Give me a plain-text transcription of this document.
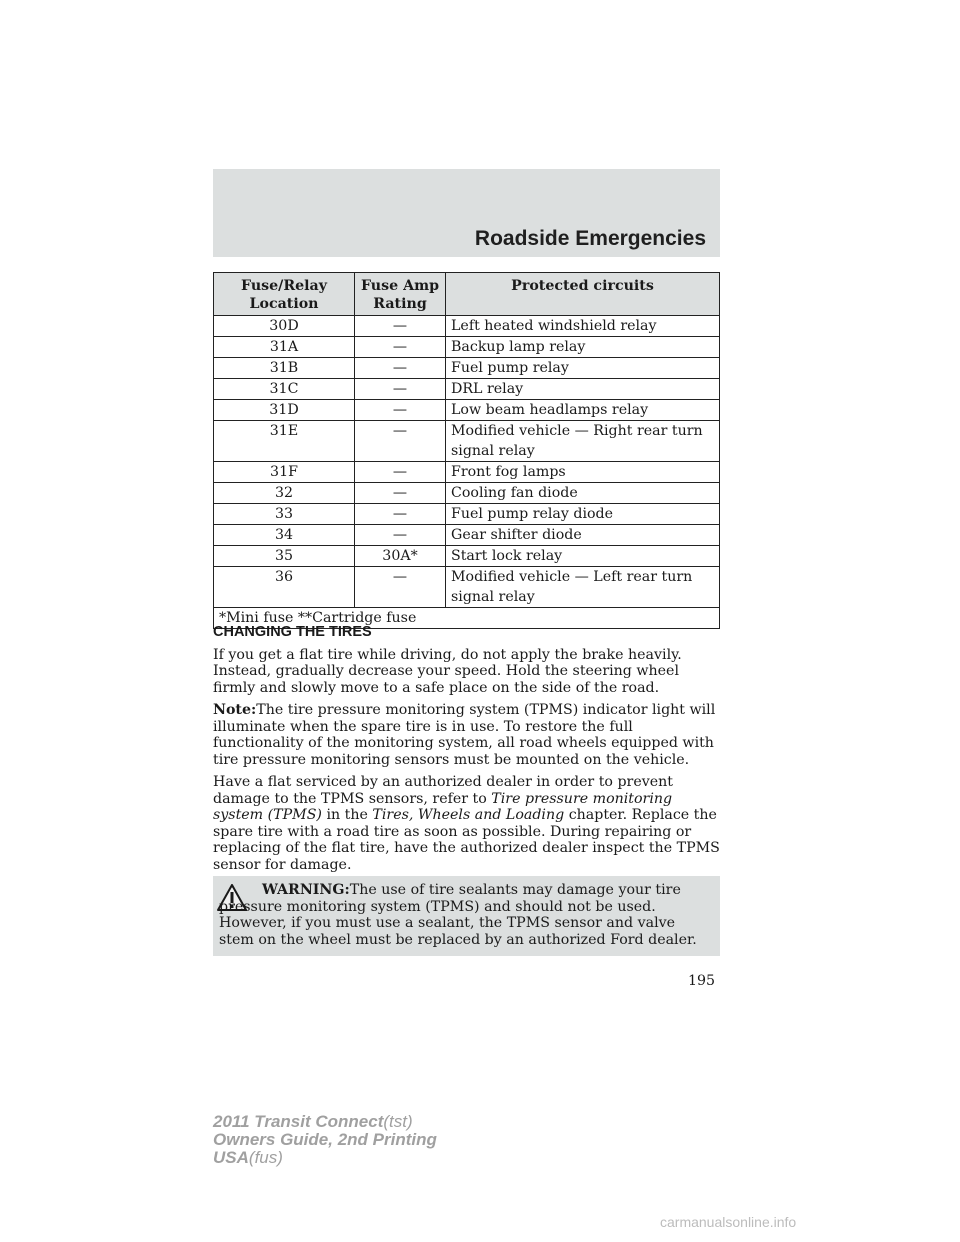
Roadside Emergencies
Fuse/Relay Location	Fuse Amp Rating	Protected circuits
30D	—	Left heated windshield relay
31A	—	Backup lamp relay
31B	—	Fuel pump relay
31C	—	DRL relay
31D	—	Low beam headlamps relay
31E	—	Modified vehicle — Right rear turn signal relay
31F	—	Front fog lamps
32	—	Cooling fan diode
33	—	Fuel pump relay diode
34	—	Gear shifter diode
35	30A*	Start lock relay
36	—	Modified vehicle — Left rear turn signal relay
*Mini fuse **Cartridge fuse		
CHANGING THE TIRES

If you get a flat tire while driving, do not apply the brake heavily. Instead, gradually decrease your speed. Hold the steering wheel firmly and slowly move to a safe place on the side of the road.

Note:The tire pressure monitoring system (TPMS) indicator light will illuminate when the spare tire is in use. To restore the full functionality of the monitoring system, all road wheels equipped with tire pressure monitoring sensors must be mounted on the vehicle.

Have a flat serviced by an authorized dealer in order to prevent damage to the TPMS sensors, refer to Tire pressure monitoring system (TPMS) in the Tires, Wheels and Loading chapter. Replace the spare tire with a road tire as soon as possible. During repairing or replacing of the flat tire, have the authorized dealer inspect the TPMS sensor for damage.

WARNING:The use of tire sealants may damage your tire pressure monitoring system (TPMS) and should not be used. However, if you must use a sealant, the TPMS sensor and valve stem on the wheel must be replaced by an authorized Ford dealer.

195
2011 Transit Connect(tst)
Owners Guide, 2nd Printing
USA(fus)
carmanualsonline.info
